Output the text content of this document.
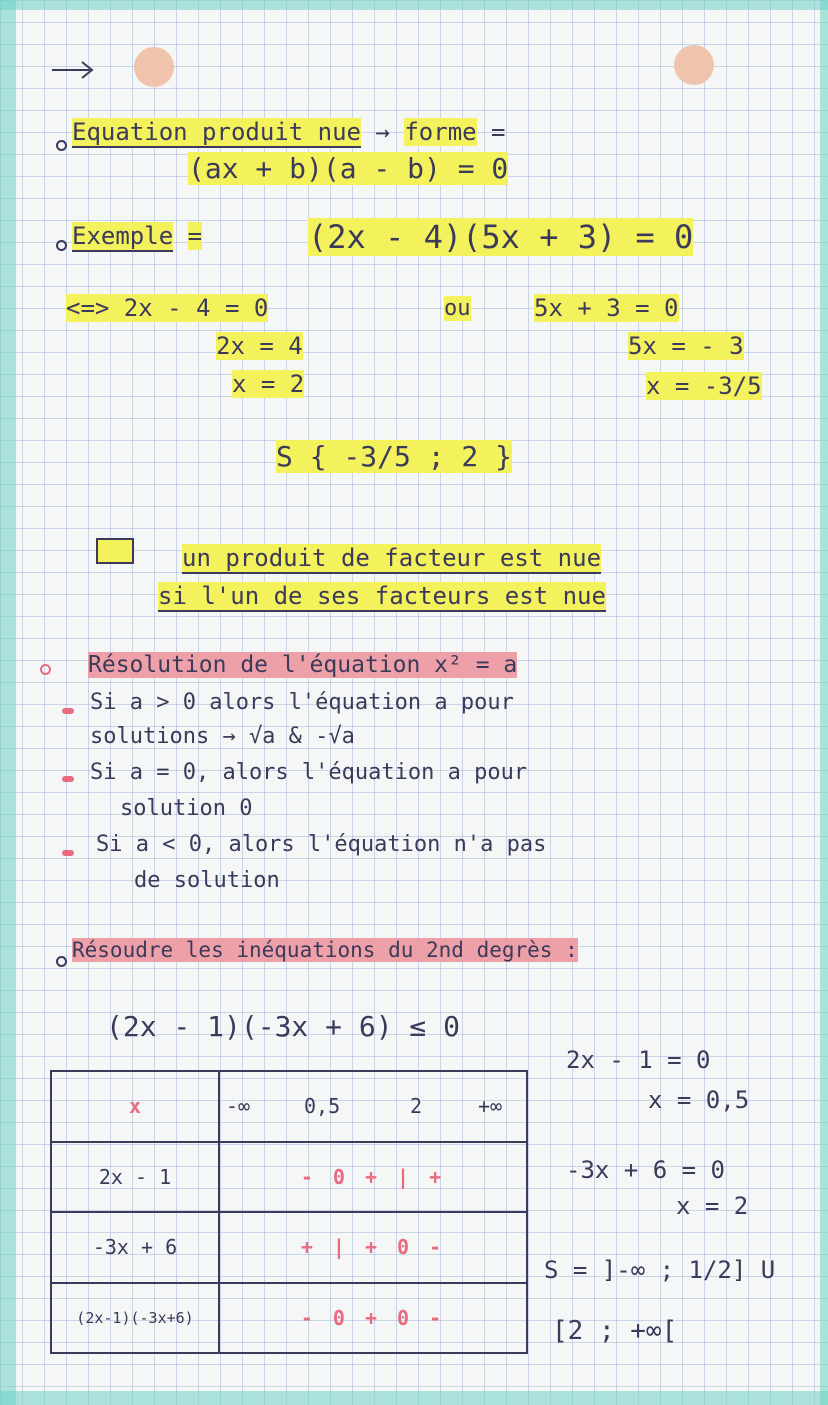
Equation produit nue → forme =
(ax + b)(a - b) = 0
Exemple =	(2x - 4)(5x + 3) = 0
<=> 2x - 4 = 0	ou	5x + 3 = 0
2x = 4	5x = - 3
x = 2	x = -3/5
S { -3/5 ; 2 }
un produit de facteur est nue
si l'un de ses facteurs est nue
Résolution de l'équation x² = a
Si a > 0 alors l'équation a pour
solutions → √a & -√a
Si a = 0, alors l'équation a pour
solution 0
Si a < 0, alors l'équation n'a pas
de solution
Résoudre les inéquations du 2nd degrès :
(2x - 1)(-3x + 6) ≤ 0
x	-∞ 0,5 2 +∞

2x - 1	- 0 + | +
-3x + 6	+ | + 0 -
(2x-1)(-3x+6)	- 0 + 0 -
2x - 1 = 0
x = 0,5
-3x + 6 = 0
x = 2
S = ]-∞ ; 1/2] U
[2 ; +∞[
